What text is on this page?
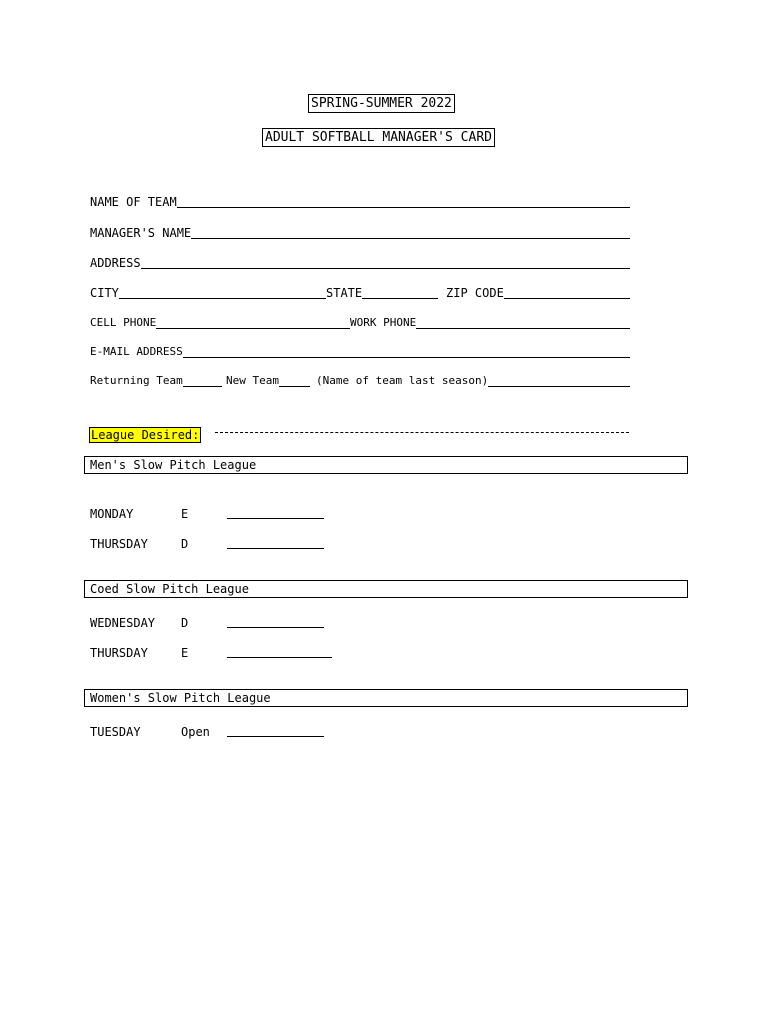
SPRING-SUMMER 2022
ADULT SOFTBALL MANAGER'S CARD
NAME OF TEAM
MANAGER'S NAME
ADDRESS
CITY	STATE	ZIP CODE
CELL PHONE	WORK PHONE
E-MAIL ADDRESS
Returning Team	New Team	(Name of team last season)
League Desired:
Men's Slow Pitch League
MONDAY	E
THURSDAY	D
Coed Slow Pitch League
WEDNESDAY D
THURSDAY	E
Women's Slow Pitch League
TUESDAY	Open
